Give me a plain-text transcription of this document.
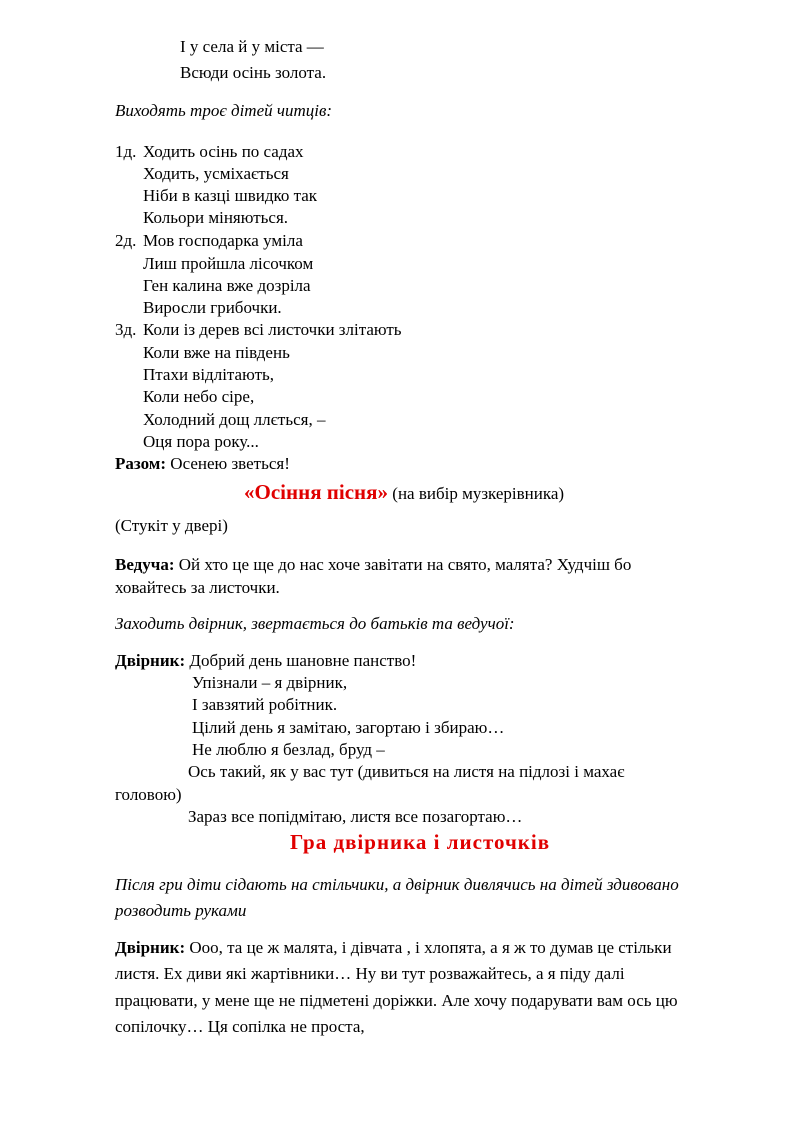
І у села й у міста —
Всюди осінь золота.
Виходять троє дітей читців:
1д. Ходить осінь по садах
Ходить, усміхається
Ніби в казці швидко так
Кольори міняються.
2д. Мов господарка уміла
Лиш пройшла лісочком
Ген калина вже дозріла
Виросли грибочки.
3д. Коли із дерев всі листочки злітають
Коли вже на південь
Птахи відлітають,
Коли небо сіре,
Холодний дощ ллється, –
Оця пора року...
Разом: Осенею зветься!
«Осіння пісня» (на вибір музкерівника)
(Стукіт у двері)
Ведуча: Ой хто це ще до нас хоче завітати на свято, малята? Худчіш бо
ховайтесь за листочки.
Заходить двірник, звертається до батьків та ведучої:
Двірник: Добрий день шановне панство!
Упізнали – я двірник,
І завзятий робітник.
Цілий день я замітаю, загортаю і збираю…
Не люблю я безлад, бруд –
Ось такий, як у вас тут (дивиться на листя на підлозі і махає
головою)
Зараз все попідмітаю, листя все позагортаю…
Гра двірника і листочків
Після гри діти сідають на стільчики, а двірник дивлячись на дітей здивовано
розводить руками
Двірник: Ооо, та це ж малята, і дівчата , і хлопята, а я ж то думав це стільки
листя. Ех диви які жартівники… Ну ви тут розважайтесь, а я піду далі
працювати, у мене ще не підметені доріжки. Але хочу подарувати вам ось цю
сопілочку… Ця сопілка не проста,
